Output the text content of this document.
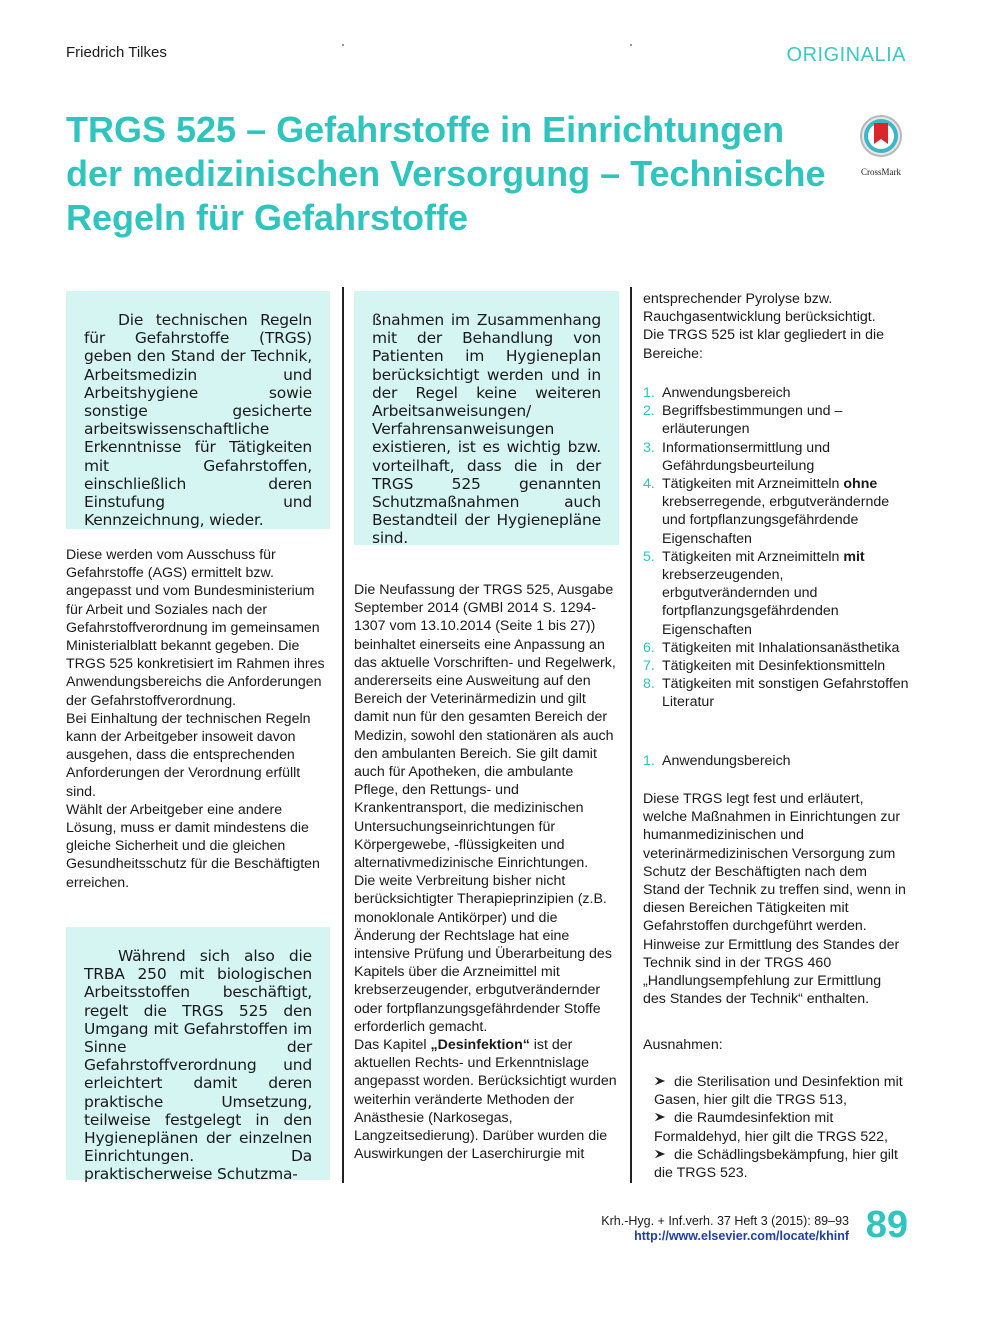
Friedrich Tilkes	ORIGINALIA
TRGS 525 – Gefahrstoffe in Einrichtungen der medizinischen Versorgung – Technische Regeln für Gefahrstoffe
CrossMark

Die technischen Regeln für Gefahrstoffe (TRGS) geben den Stand der Technik, Arbeitsmedizin und Arbeitshygiene sowie sonstige gesicherte arbeitswissenschaftliche Erkenntnisse für Tätigkeiten mit Gefahrstoffen, einschließlich deren Einstufung und Kennzeichnung, wieder.

Diese werden vom Ausschuss für Gefahrstoffe (AGS) ermittelt bzw. angepasst und vom Bundesministerium für Arbeit und Soziales nach der Gefahrstoffverordnung im gemeinsamen Ministerialblatt bekannt gegeben. Die TRGS 525 konkretisiert im Rahmen ihres Anwendungsbereichs die Anforderungen der Gefahrstoffverordnung.

Bei Einhaltung der technischen Regeln kann der Arbeitgeber insoweit davon ausgehen, dass die entsprechenden Anforderungen der Verordnung erfüllt sind.

Wählt der Arbeitgeber eine andere Lösung, muss er damit mindestens die gleiche Sicherheit und die gleichen Gesundheitsschutz für die Beschäftigten erreichen.

Während sich also die TRBA 250 mit biologischen Arbeitsstoffen beschäftigt, regelt die TRGS 525 den Umgang mit Gefahrstoffen im Sinne der Gefahrstoffverordnung und erleichtert damit deren praktische Umsetzung, teilweise festgelegt in den Hygieneplänen der einzelnen Einrichtungen. Da praktischerweise Schutzma-

ßnahmen im Zusammenhang mit der Behandlung von Patienten im Hygieneplan berücksichtigt werden und in der Regel keine weiteren Arbeitsanweisungen/ Verfahrensanweisungen existieren, ist es wichtig bzw. vorteilhaft, dass die in der TRGS 525 genannten Schutzmaßnahmen auch Bestandteil der Hygienepläne sind.

Die Neufassung der TRGS 525, Ausgabe September 2014 (GMBl 2014 S. 1294-1307 vom 13.10.2014 (Seite 1 bis 27)) beinhaltet einerseits eine Anpassung an das aktuelle Vorschriften- und Regelwerk, andererseits eine Ausweitung auf den Bereich der Veterinärmedizin und gilt damit nun für den gesamten Bereich der Medizin, sowohl den stationären als auch den ambulanten Bereich. Sie gilt damit auch für Apotheken, die ambulante Pflege, den Rettungs- und Krankentransport, die medizinischen Untersuchungseinrichtungen für Körpergewebe, -flüssigkeiten und alternativmedizinische Einrichtungen.

Die weite Verbreitung bisher nicht berücksichtigter Therapieprinzipien (z.B. monoklonale Antikörper) und die Änderung der Rechtslage hat eine intensive Prüfung und Überarbeitung des Kapitels über die Arzneimittel mit krebserzeugender, erbgutverändernder oder fortpflanzungsgefährdender Stoffe erforderlich gemacht.

Das Kapitel „Desinfektion“ ist der aktuellen Rechts- und Erkenntnislage angepasst worden. Berücksichtigt wurden weiterhin veränderte Methoden der Anästhesie (Narkosegas, Langzeitsedierung). Darüber wurden die Auswirkungen der Laserchirurgie mit

entsprechender Pyrolyse bzw. Rauchgasentwicklung berücksichtigt.

Die TRGS 525 ist klar gegliedert in die Bereiche:

1. Anwendungsbereich
2. Begriffsbestimmungen und –erläuterungen
3. Informationsermittlung und Gefährdungsbeurteilung
4. Tätigkeiten mit Arzneimitteln ohne krebserregende, erbgutverändernde und fortpflanzungsgefährdende Eigenschaften
5. Tätigkeiten mit Arzneimitteln mit krebserzeugenden, erbgutverändernden und fortpflanzungsgefährdenden Eigenschaften
6. Tätigkeiten mit Inhalationsanästhetika
7. Tätigkeiten mit Desinfektionsmitteln
8. Tätigkeiten mit sonstigen Gefahrstoffen
Literatur
1. Anwendungsbereich

Diese TRGS legt fest und erläutert, welche Maßnahmen in Einrichtungen zur humanmedizinischen und veterinärmedizinischen Versorgung zum Schutz der Beschäftigten nach dem Stand der Technik zu treffen sind, wenn in diesen Bereichen Tätigkeiten mit Gefahrstoffen durchgeführt werden. Hinweise zur Ermittlung des Standes der Technik sind in der TRGS 460 „Handlungsempfehlung zur Ermittlung des Standes der Technik“ enthalten.

Ausnahmen:

die Sterilisation und Desinfektion mit Gasen, hier gilt die TRGS 513,

die Raumdesinfektion mit Formaldehyd, hier gilt die TRGS 522,

die Schädlingsbekämpfung, hier gilt die TRGS 523.

Krh.-Hyg. + Inf.verh. 37 Heft 3 (2015): 89–93
http://www.elsevier.com/locate/khinf 89
